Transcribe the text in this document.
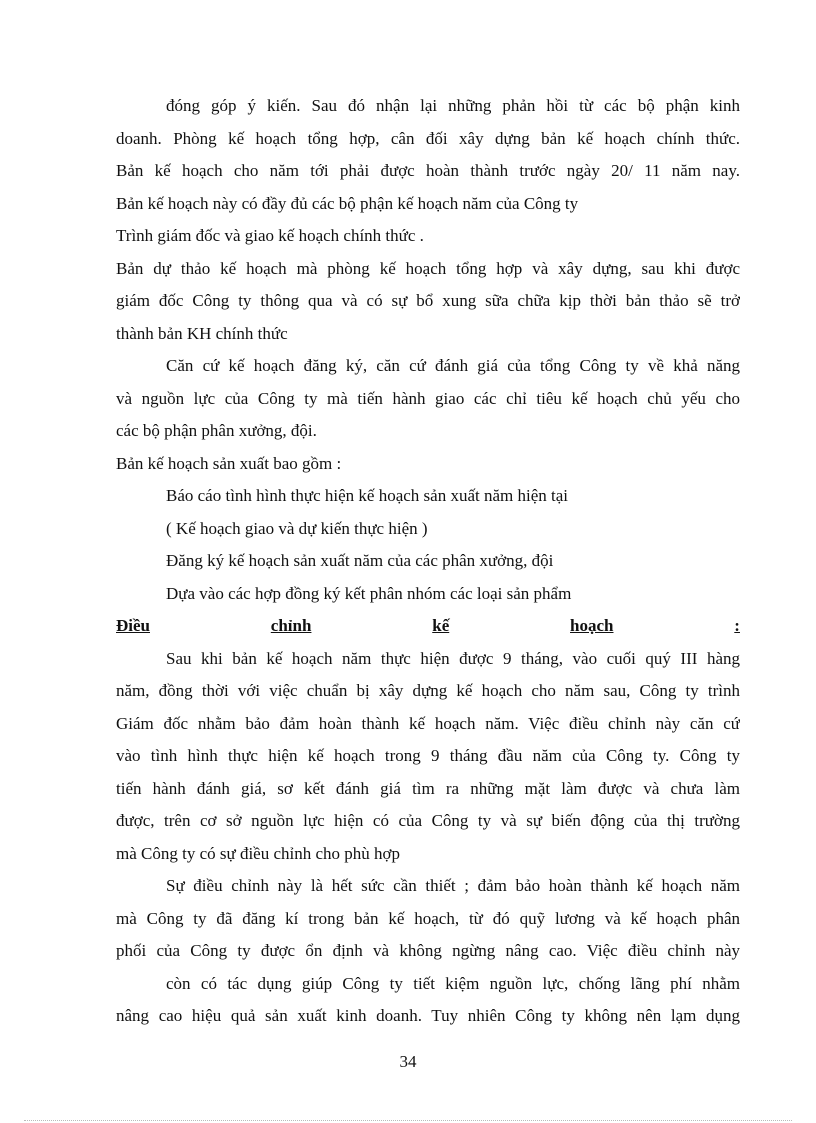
đóng góp ý kiến. Sau đó nhận lại những phản hồi từ các bộ phận kinh
doanh. Phòng kế hoạch tổng hợp, cân đối xây dựng bản kế hoạch chính thức.
Bản kế hoạch cho năm tới phải được hoàn thành trước ngày 20/ 11 năm nay.
Bản kế hoạch này có đầy đủ các bộ phận kế hoạch năm của Công ty
Trình giám đốc và giao kế hoạch chính thức .
Bản dự thảo kế hoạch mà phòng kế hoạch tổng hợp và xây dựng, sau khi được
giám đốc Công ty thông qua và có sự bổ xung sữa chữa kịp thời bản thảo sẽ trở
thành bản KH chính thức
Căn cứ kế hoạch đăng ký, căn cứ đánh giá của tổng Công ty về khả năng
và nguồn lực của Công ty mà tiến hành giao các chỉ tiêu kế hoạch chủ yếu cho
các bộ phận phân xưởng, đội.
Bản kế hoạch sản xuất bao gồm :
Báo cáo tình hình thực hiện kế hoạch sản xuất năm hiện tại
( Kế hoạch giao và dự kiến thực hiện )
Đăng ký kế hoạch sản xuất năm của các phân xưởng, đội
Dựa vào các hợp đồng ký kết phân nhóm các loại sản phẩm
Điều	chỉnh	kế	hoạch	:
Sau khi bản kế hoạch năm thực hiện được 9 tháng, vào cuối quý III hàng
năm, đồng thời với việc chuẩn bị xây dựng kế hoạch cho năm sau, Công ty trình
Giám đốc nhằm bảo đảm hoàn thành kế hoạch năm. Việc điều chỉnh này căn cứ
vào tình hình thực hiện kế hoạch trong 9 tháng đầu năm của Công ty. Công ty
tiến hành đánh giá, sơ kết đánh giá tìm ra những mặt làm được và chưa làm
được, trên cơ sở nguồn lực hiện có của Công ty và sự biến động của thị trường
mà Công ty có sự điều chỉnh cho phù hợp
Sự điều chỉnh này là hết sức cần thiết ; đảm bảo hoàn thành kế hoạch năm
mà Công ty đã đăng kí trong bản kế hoạch, từ đó quỹ lương và kế hoạch phân
phối của Công ty được ổn định và không ngừng nâng cao. Việc điều chỉnh này
còn có tác dụng giúp Công ty tiết kiệm nguồn lực, chống lãng phí nhằm
nâng cao hiệu quả sản xuất kinh doanh. Tuy nhiên Công ty không nên lạm dụng
34
